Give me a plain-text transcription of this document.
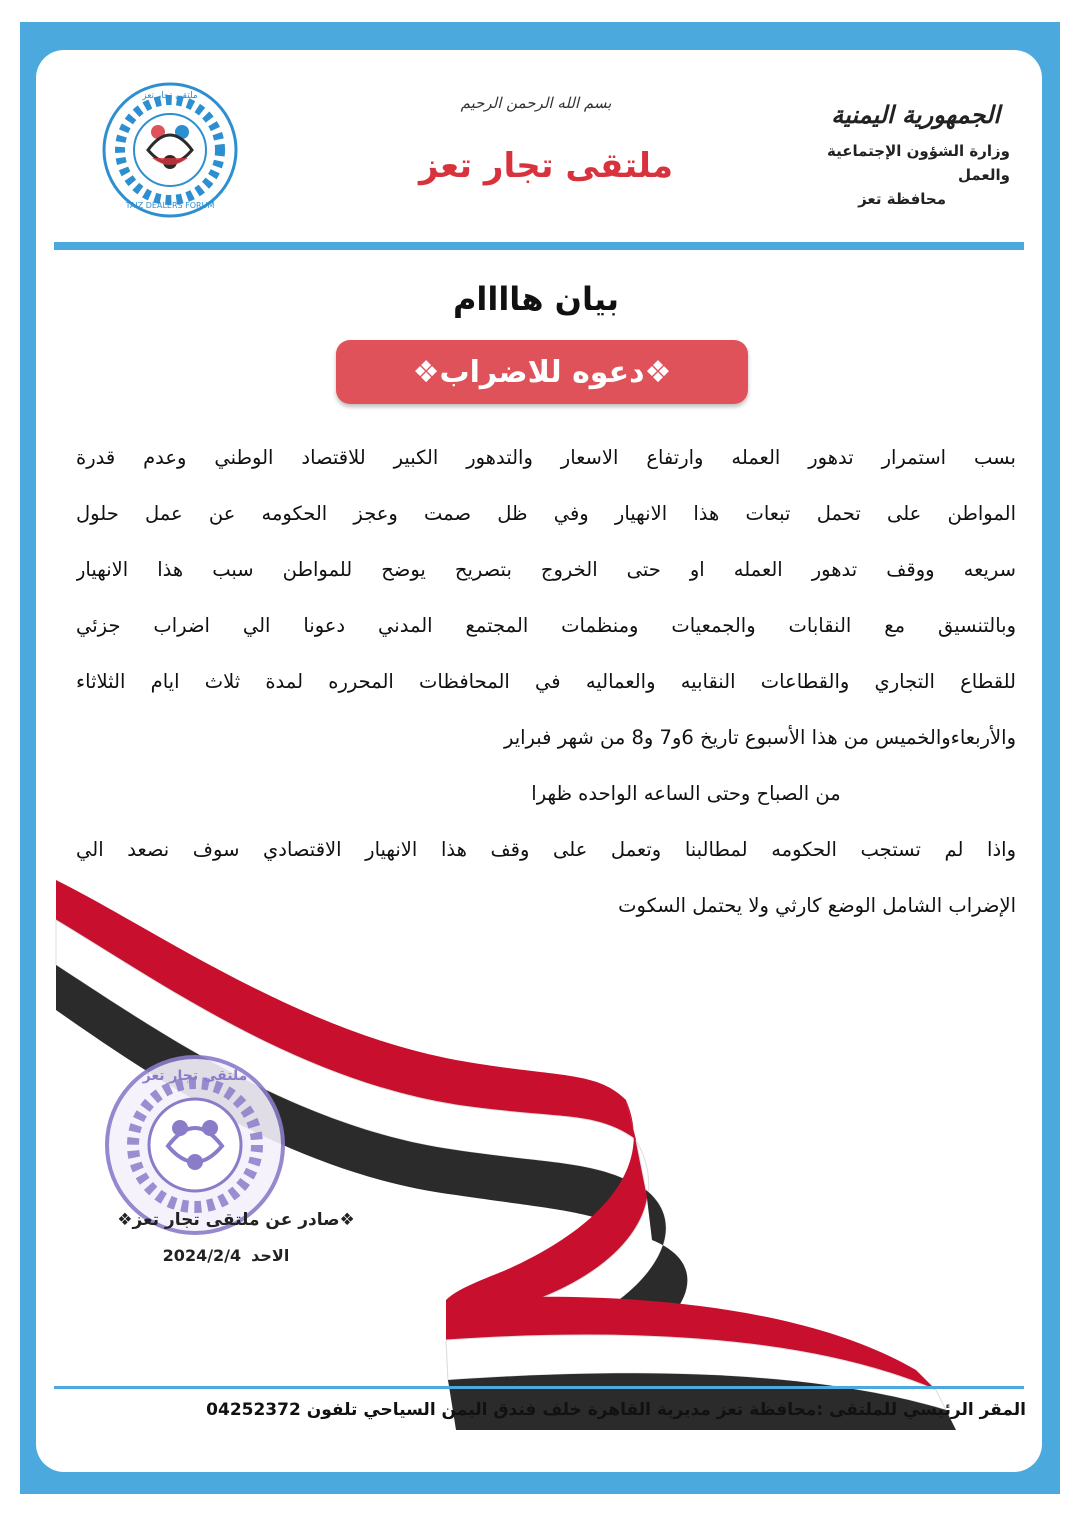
TAIZ DEALERS FORUM
ملتقى تجار تعز	بسم الله الرحمن الرحيم
ملتقى تجار تعز
الجمهورية اليمنية
وزارة الشؤون الإجتماعية والعمل
محافظة تعز
بيان هاااام
❖دعوه للاضراب❖
بسب استمرار تدهور العمله وارتفاع الاسعار والتدهور الكبير للاقتصاد الوطني وعدم قدرة
المواطن على تحمل تبعات هذا الانهيار وفي ظل صمت وعجز الحكومه عن عمل حلول
سريعه ووقف تدهور العمله او حتى الخروج بتصريح يوضح للمواطن سبب هذا الانهيار
وبالتنسيق مع النقابات والجمعيات ومنظمات المجتمع المدني دعونا الي اضراب جزئي
للقطاع التجاري والقطاعات النقابيه والعماليه في المحافظات المحرره لمدة ثلاث ايام الثلاثاء
والأربعاءوالخميس من هذا الأسبوع تاريخ 6و7 و8 من شهر فبراير
من الصباح وحتى الساعه الواحده ظهرا
واذا لم تستجب الحكومه لمطالبنا وتعمل على وقف هذا الانهيار الاقتصادي سوف نصعد الي
الإضراب الشامل الوضع كارثي ولا يحتمل السكوت
ملتقى تجار تعز
❖صادر عن ملتقى تجار تعز❖
2024/2/4 الاحد
المقر الرئيسي للملتقى :محافظة تعز مديرية القاهرة خلف فندق اليمن السياحي تلفون 04252372
